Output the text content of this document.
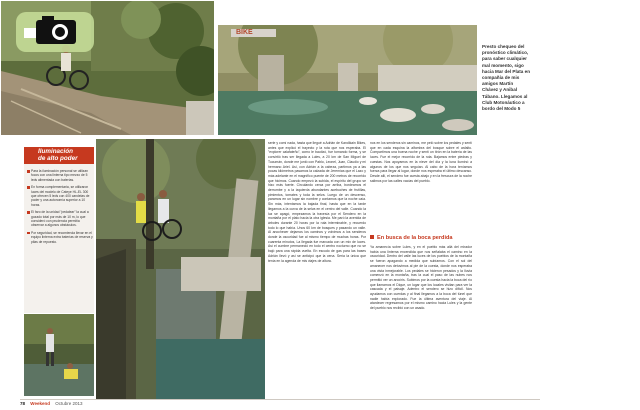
BIKE
Presto chequeo del pronóstico climático, para saber cualquier mal momento, sigo hacia Mar del Plata en compañía de mis amigos Martín Chávez y Anibal Tábano. Llegamos al Club Motonáutico a bordo del Modo 5
Iluminación
de alto poder

Para la iluminación personal se utilizan focos con una linterna tipo mezzo de 5 leds alimentada con baterías.

En forma complementaria, se utilizaron luces del modelo de Cateye HL-EL 300 que ofrecen 5 leds con 400 candelas de poder y una autonomía superior a 10 horas.

El faro de la unidad "pedalear" la cual a gozado total por más de 10 m, lo que consideró con prudencia permitía observar a algunos obstáculos.

Por seguridad, se recomienda llevar en el equipo linterna extra baterías de reserva y pilas de repuesto.

serle y comí nada, hasta que llegué a Adrián de Kandikain Bikes, antes que explicó el trayecto y la ruta que nos esperaba. El "explorer calafateño", como le bautizó, fue tomando forma, y se convirtió tras ser llegada a Lules, a 20 km de San Miguel de Tucumán, donde me juntó con Pablo, Leonel, Juan, Claudio y mi hermano Ariel. Así, con Adrián a la cabeza, partimos ya a las pocas kilómetros pasamos la calzada de Jeremías que el Lazo y más adelante en el magnífico puente de 200 metros de recorrido que hicimos. Cuando empezó la subida, el espíritu del grupo se hizo más fuerte. Circulando cerca por arriba, bordeamos el derrumbe y a la izquierda abundantes acebuches de frutillas, pimientos, tomates y toda la selva. Luego de un descenso, paramos en un lugar sin nombre y contamos que la noche caía. Sin más, intentamos la bajada final, hasta que en la tarde llegamos a la curva de la selva en el centro del valle. Cuando la luz se apagó, empezamos la travesía por el Sendero en la montaña por el plato hacia la otra iglesia. Me paró la avenida de árboles durante 20 horas por la ruta interminable, y recuerdo todo lo que había. Unos 60 km de bosques y pasando un valle. Al anochecer dejamos los caminos y volvimos a los senderos donde la oscuridad fue al mismo tiempo de muchas horas. Por cuarenta minutos, La llegada fue marcada con un mix de luces. Así el cumbre permaneció en todo el centro nocturno que no se bajó para una rápida vuelta. En escudo de gas para las bases Adrián llevó y así se anticipó que la cena. Sería la única que tenía en la agenda de mis viajes de altura.
nos en los senderos sin caminos, me peló sobre los pedales y sentí que en cada esquina la alfombra del bosque sobre el asfalto. Compartimos una buena noche y sentí un tirón en la batería de las luces. Fue el mejor recorrido de la ruta. Bajamos entre piedras y cuestas. Nos apoyamos en la nieve del día y la luna iluminó a algunos de los que nos seguían. Al cabo de la hora teníamos fuerza para llegar al lugar, donde nos esperaba el último descanso. Desde allí, el sendero fue cuesta abajo y en la frescura de la noche salimos por las calles vacías del pueblo.
En busca de la boca perdida
Ya amanecía sobre Lules, y en el pueblo más allá del mirador había una linterna encendida que nos señalaba el camino en la oscuridad. Dentro del valle las luces de los pueblos de la montaña se fueron apagando a medida que subíamos. Con el sol del amanecer nos detuvimos al pie de la cuesta, donde nos esperaba una vista inmejorable. Los pedales se hicieron pesados y la lluvia comenzó en la montaña, tras la cual el paso de las nubes nos permitió ver un arcoíris. Subimos por la cuesta hacia la boca del río que llamamos el Dique, un lugar que los locales visitan para ver la cascada y el paisaje. Adentro el sendero se hizo difícil. Nos ayudamos con cuerdas y al final llegamos a la boca del túnel que nadie había explorado. Fue la última aventura del viaje. Al atardecer regresamos por el mismo camino hacia Lules y la gente del pueblo nos recibió con un asado.
78 Weekend Octubre 2013
